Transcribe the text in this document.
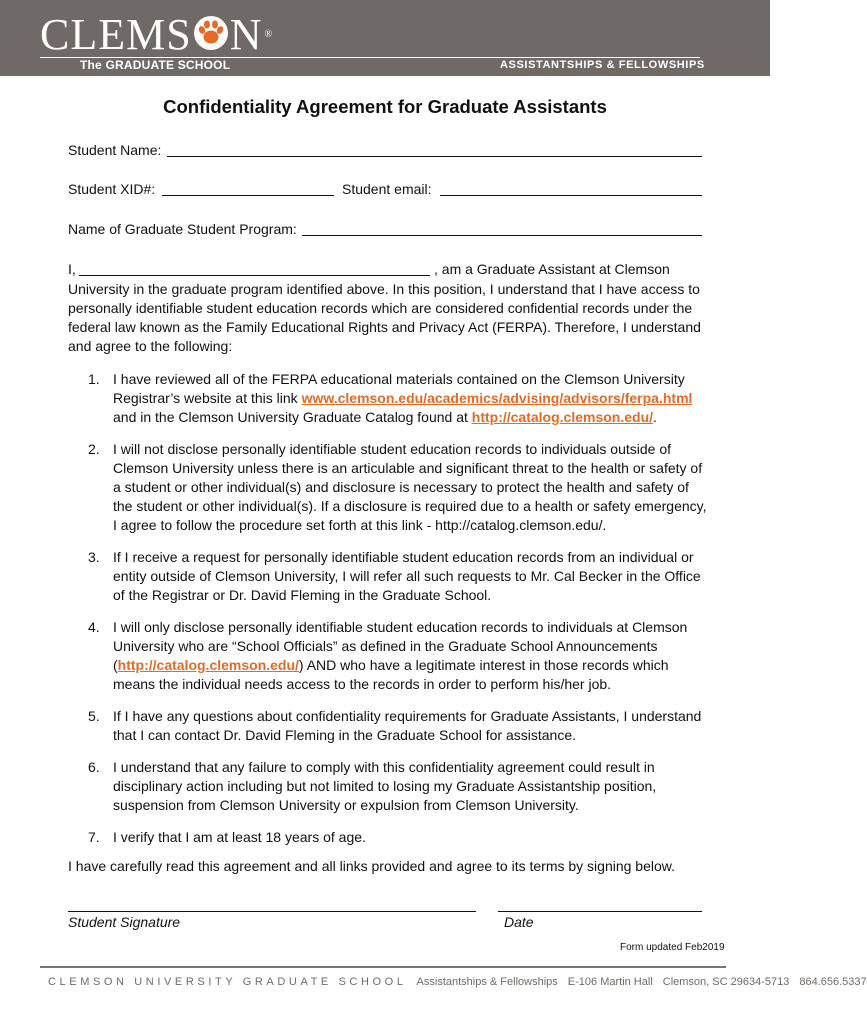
CLEMS N ®
The GRADUATE SCHOOL	ASSISTANTSHIPS & FELLOWSHIPS
Confidentiality Agreement for Graduate Assistants
Student Name:
Student XID#:	Student email:
Name of Graduate Student Program:
I,	, am a Graduate Assistant at Clemson
University in the graduate program identified above. In this position, I understand that I have access to personally identifiable student education records which are considered confidential records under the federal law known as the Family Educational Rights and Privacy Act (FERPA). Therefore, I understand and agree to the following:
1. I have reviewed all of the FERPA educational materials contained on the Clemson University Registrar’s website at this link www.clemson.edu/academics/advising/advisors/ferpa.html and in the Clemson University Graduate Catalog found at http://catalog.clemson.edu/.
2. I will not disclose personally identifiable student education records to individuals outside of Clemson University unless there is an articulable and significant threat to the health or safety of a student or other individual(s) and disclosure is necessary to protect the health and safety of the student or other individual(s). If a disclosure is required due to a health or safety emergency, I agree to follow the procedure set forth at this link - http://catalog.clemson.edu/.
3. If I receive a request for personally identifiable student education records from an individual or entity outside of Clemson University, I will refer all such requests to Mr. Cal Becker in the Office of the Registrar or Dr. David Fleming in the Graduate School.
4. I will only disclose personally identifiable student education records to individuals at Clemson University who are “School Officials” as defined in the Graduate School Announcements (http://catalog.clemson.edu/) AND who have a legitimate interest in those records which means the individual needs access to the records in order to perform his/her job.
5. If I have any questions about confidentiality requirements for Graduate Assistants, I understand that I can contact Dr. David Fleming in the Graduate School for assistance.
6. I understand that any failure to comply with this confidentiality agreement could result in disciplinary action including but not limited to losing my Graduate Assistantship position, suspension from Clemson University or expulsion from Clemson University.
7. I verify that I am at least 18 years of age.
I have carefully read this agreement and all links provided and agree to its terms by signing below.
Student Signature	Date
Form updated Feb2019
CLEMSON UNIVERSITY GRADUATE SCHOOL Assistantships & Fellowships E-106 Martin Hall Clemson, SC 29634-5713 864.656.5337
